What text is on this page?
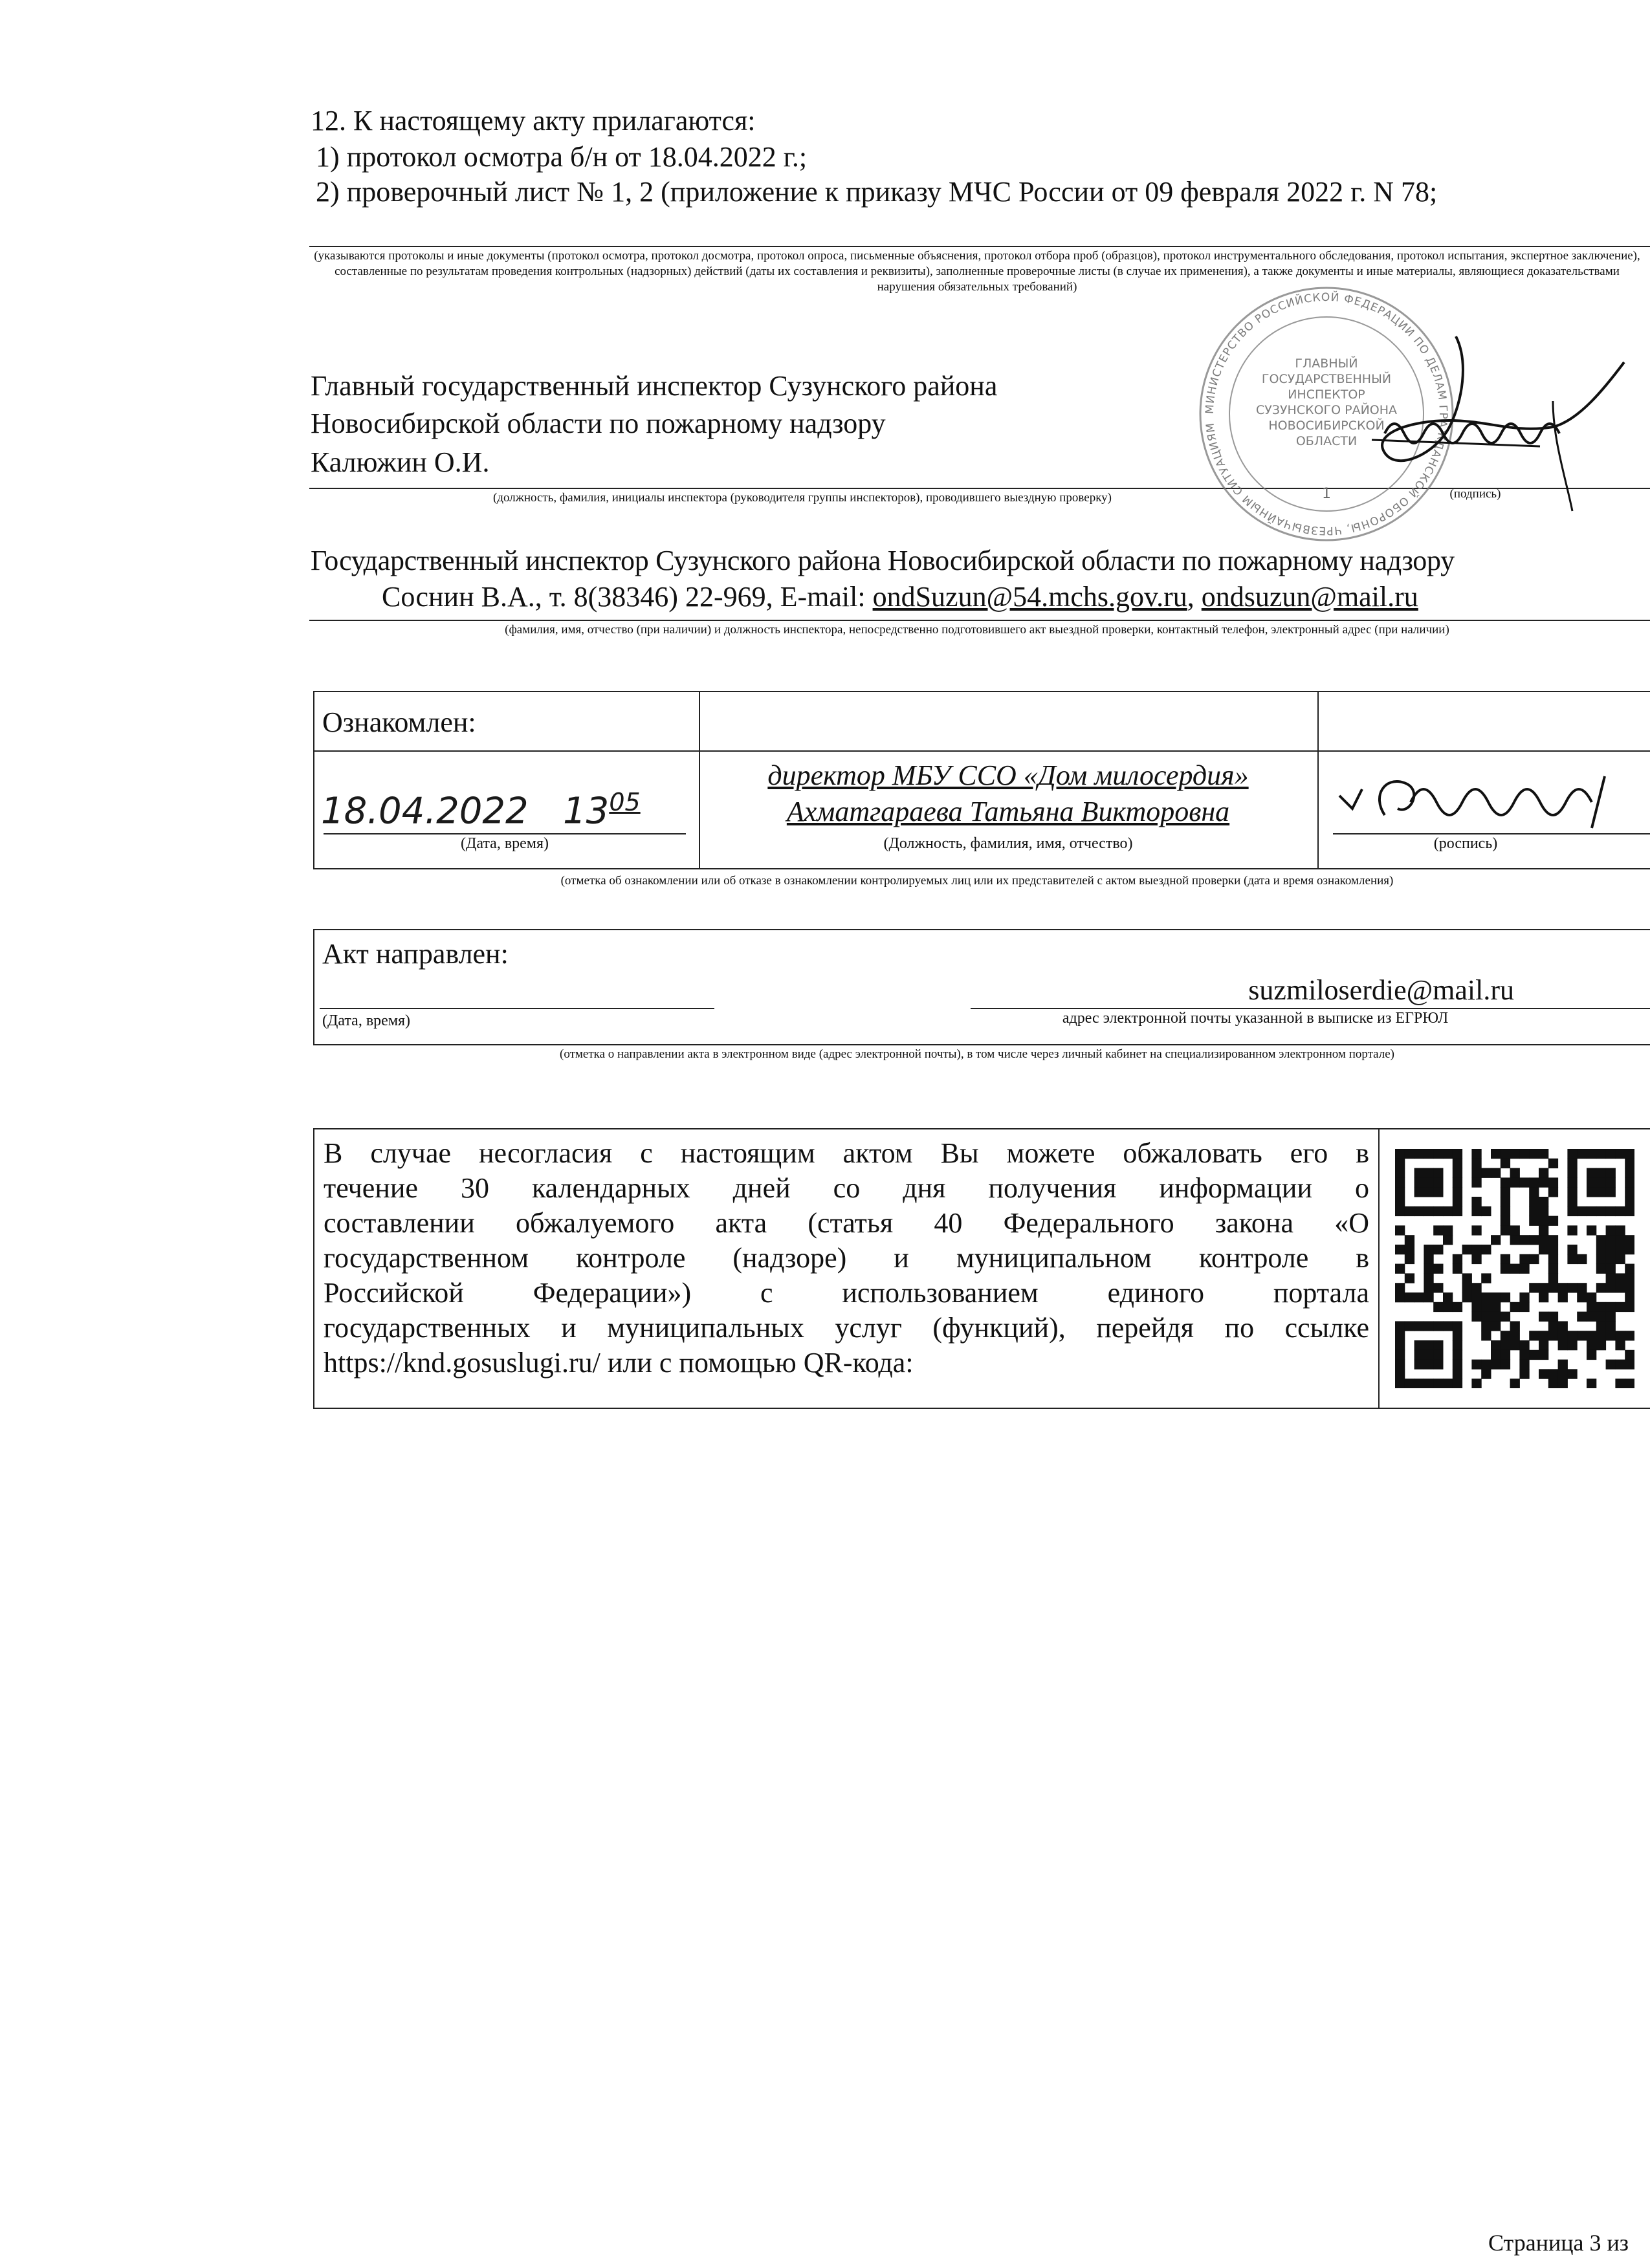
12. К настоящему акту прилагаются:
1) протокол осмотра б/н от 18.04.2022 г.;
2) проверочный лист № 1, 2 (приложение к приказу МЧС России от 09 февраля 2022 г. N 78;
(указываются протоколы и иные документы (протокол осмотра, протокол досмотра, протокол опроса, письменные объяснения, протокол отбора проб (образцов), протокол инструментального обследования, протокол испытания, экспертное заключение), составленные по результатам проведения контрольных (надзорных) действий (даты их составления и реквизиты), заполненные проверочные листы (в случае их применения), а также документы и иные материалы, являющиеся доказательствами нарушения обязательных требований)
Главный государственный инспектор Сузунского района
Новосибирской области по пожарному надзору
Калюжин О.И.
(должность, фамилия, инициалы инспектора (руководителя группы инспекторов), проводившего выездную проверку)	(подпись)
МИНИСТЕРСТВО РОССИЙСКОЙ ФЕДЕРАЦИИ ПО ДЕЛАМ ГРАЖДАНСКОЙ ОБОРОНЫ, ЧРЕЗВЫЧАЙНЫМ СИТУАЦИЯМ
ГЛАВНЫЙ ГОСУДАРСТВЕННЫЙ ИНСПЕКТОР СУЗУНСКОГО РАЙОНА НОВОСИБИРСКОЙ ОБЛАСТИ
1
Государственный инспектор Сузунского района Новосибирской области по пожарному надзору
Соснин В.А., т. 8(38346) 22-969, E-mail: ondSuzun@54.mchs.gov.ru, ondsuzun@mail.ru
(фамилия, имя, отчество (при наличии) и должность инспектора, непосредственно подготовившего акт выездной проверки, контактный телефон, электронный адрес (при наличии)
Ознакомлен:
18.04.2022 $13^{05}$
(Дата, время)
директор МБУ ССО «Дом милосердия»
Ахматгараева Татьяна Викторовна
(Должность, фамилия, имя, отчество)	(роспись)
(отметка об ознакомлении или об отказе в ознакомлении контролируемых лиц или их представителей с актом выездной проверки (дата и время ознакомления)
Акт направлен:
(Дата, время)
suzmiloserdie@mail.ru
адрес электронной почты указанной в выписке из ЕГРЮЛ
(отметка о направлении акта в электронном виде (адрес электронной почты), в том числе через личный кабинет на специализированном электронном портале)
В случае несогласия с настоящим актом Вы можете обжаловать его в
течение 30 календарных дней со дня получения информации о
составлении обжалуемого акта (статья 40 Федерального закона «О
государственном контроле (надзоре) и муниципальном контроле в
Российской Федерации») с использованием единого портала
государственных и муниципальных услуг (функций), перейдя по ссылке
https://knd.gosuslugi.ru/ или с помощью QR-кода:
Страница 3 из
